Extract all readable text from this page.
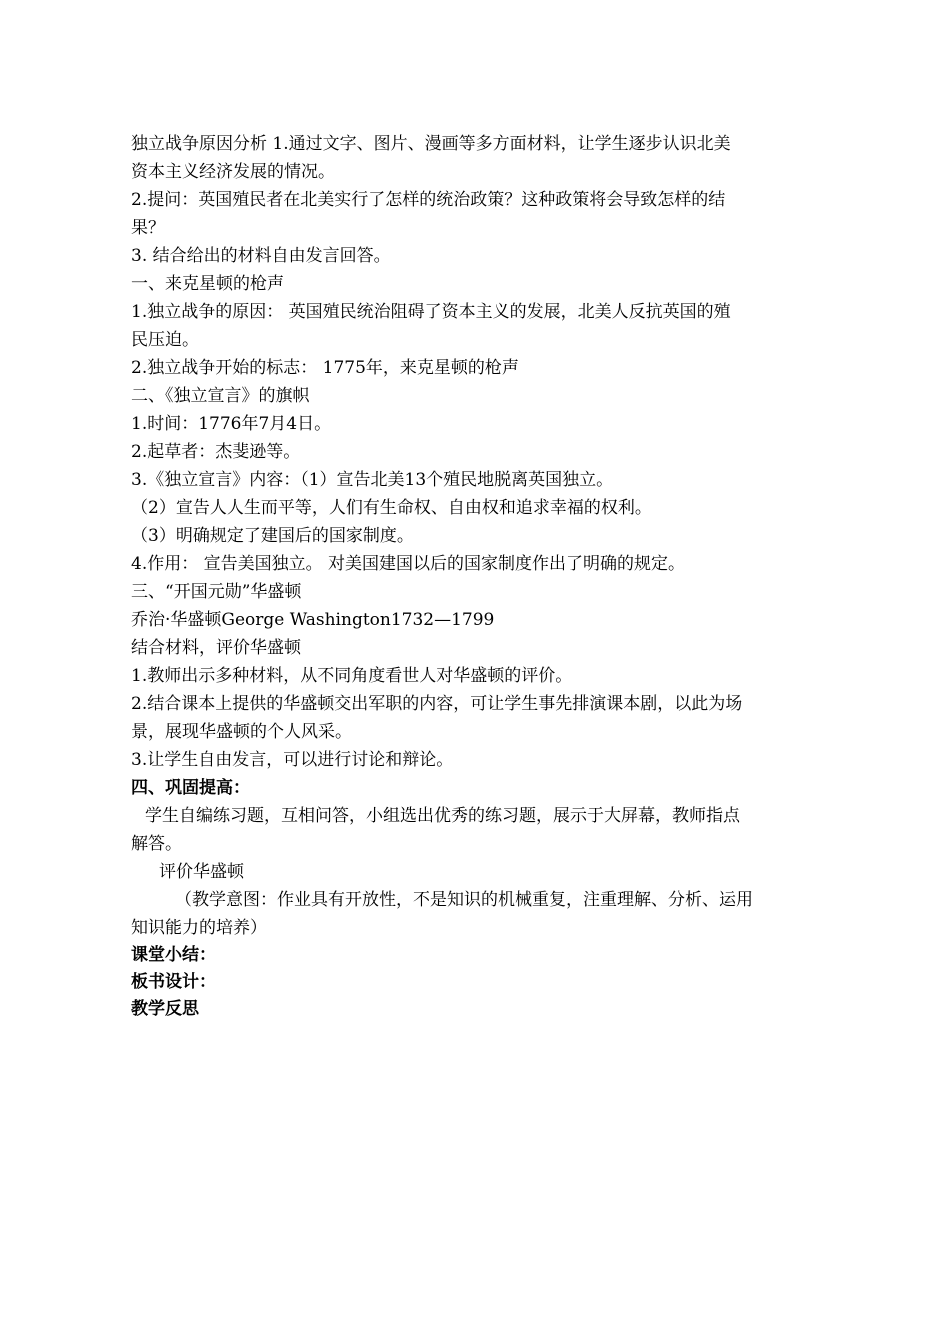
独立战争原因分析 1.通过文字、图片、漫画等多方面材料，让学生逐步认识北美
资本主义经济发展的情况。
2.提问：英国殖民者在北美实行了怎样的统治政策？这种政策将会导致怎样的结
果？
3. 结合给出的材料自由发言回答。
一、来克星顿的枪声
1.独立战争的原因： 英国殖民统治阻碍了资本主义的发展，北美人反抗英国的殖
民压迫。
2.独立战争开始的标志： 1775年，来克星顿的枪声
二、《独立宣言》的旗帜
1.时间：1776年7月4日。
2.起草者：杰斐逊等。
3.《独立宣言》内容：（1）宣告北美13个殖民地脱离英国独立。
（2）宣告人人生而平等，人们有生命权、自由权和追求幸福的权利。
（3）明确规定了建国后的国家制度。
4.作用： 宣告美国独立。 对美国建国以后的国家制度作出了明确的规定。
三、“开国元勋”华盛顿
乔治·华盛顿George Washington1732—1799
结合材料，评价华盛顿
1.教师出示多种材料，从不同角度看世人对华盛顿的评价。
2.结合课本上提供的华盛顿交出军职的内容，可让学生事先排演课本剧，以此为场
景，展现华盛顿的个人风采。
3.让学生自由发言，可以进行讨论和辩论。
四、巩固提高：
学生自编练习题，互相问答，小组选出优秀的练习题，展示于大屏幕，教师指点
解答。
评价华盛顿
（教学意图：作业具有开放性，不是知识的机械重复，注重理解、分析、运用
知识能力的培养）
课堂小结：
板书设计：
教学反思
